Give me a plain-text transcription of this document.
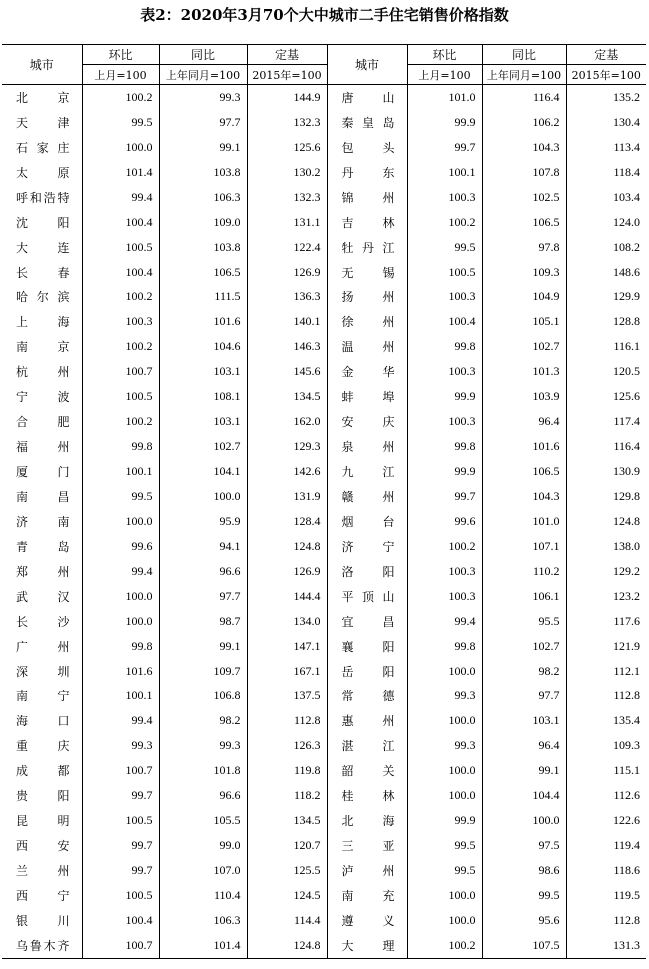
表2：2020年3月70个大中城市二手住宅销售价格指数
城市	环比	同比	定基	城市	环比	同比	定基
	上月=100	上年同月=100	2015年=100		上月=100	上年同月=100	2015年=100
北京	100.2	99.3	144.9	唐山	101.0	116.4	135.2
天津	99.5	97.7	132.3	秦皇岛	99.9	106.2	130.4
石家庄	100.0	99.1	125.6	包头	99.7	104.3	113.4
太原	101.4	103.8	130.2	丹东	100.1	107.8	118.4
呼和浩特	99.4	106.3	132.3	锦州	100.3	102.5	103.4
沈阳	100.4	109.0	131.1	吉林	100.2	106.5	124.0
大连	100.5	103.8	122.4	牡丹江	99.5	97.8	108.2
长春	100.4	106.5	126.9	无锡	100.5	109.3	148.6
哈尔滨	100.2	111.5	136.3	扬州	100.3	104.9	129.9
上海	100.3	101.6	140.1	徐州	100.4	105.1	128.8
南京	100.2	104.6	146.3	温州	99.8	102.7	116.1
杭州	100.7	103.1	145.6	金华	100.3	101.3	120.5
宁波	100.5	108.1	134.5	蚌埠	99.9	103.9	125.6
合肥	100.2	103.1	162.0	安庆	100.3	96.4	117.4
福州	99.8	102.7	129.3	泉州	99.8	101.6	116.4
厦门	100.1	104.1	142.6	九江	99.9	106.5	130.9
南昌	99.5	100.0	131.9	赣州	99.7	104.3	129.8
济南	100.0	95.9	128.4	烟台	99.6	101.0	124.8
青岛	99.6	94.1	124.8	济宁	100.2	107.1	138.0
郑州	99.4	96.6	126.9	洛阳	100.3	110.2	129.2
武汉	100.0	97.7	144.4	平顶山	100.3	106.1	123.2
长沙	100.0	98.7	134.0	宜昌	99.4	95.5	117.6
广州	99.8	99.1	147.1	襄阳	99.8	102.7	121.9
深圳	101.6	109.7	167.1	岳阳	100.0	98.2	112.1
南宁	100.1	106.8	137.5	常德	99.3	97.7	112.8
海口	99.4	98.2	112.8	惠州	100.0	103.1	135.4
重庆	99.3	99.3	126.3	湛江	99.3	96.4	109.3
成都	100.7	101.8	119.8	韶关	100.0	99.1	115.1
贵阳	99.7	96.6	118.2	桂林	100.0	104.4	112.6
昆明	100.5	105.5	134.5	北海	99.9	100.0	122.6
西安	99.7	99.0	120.7	三亚	99.5	97.5	119.4
兰州	99.7	107.0	125.5	泸州	99.5	98.6	118.6
西宁	100.5	110.4	124.5	南充	100.0	99.5	119.5
银川	100.4	106.3	114.4	遵义	100.0	95.6	112.8
乌鲁木齐	100.7	101.4	124.8	大理	100.2	107.5	131.3
